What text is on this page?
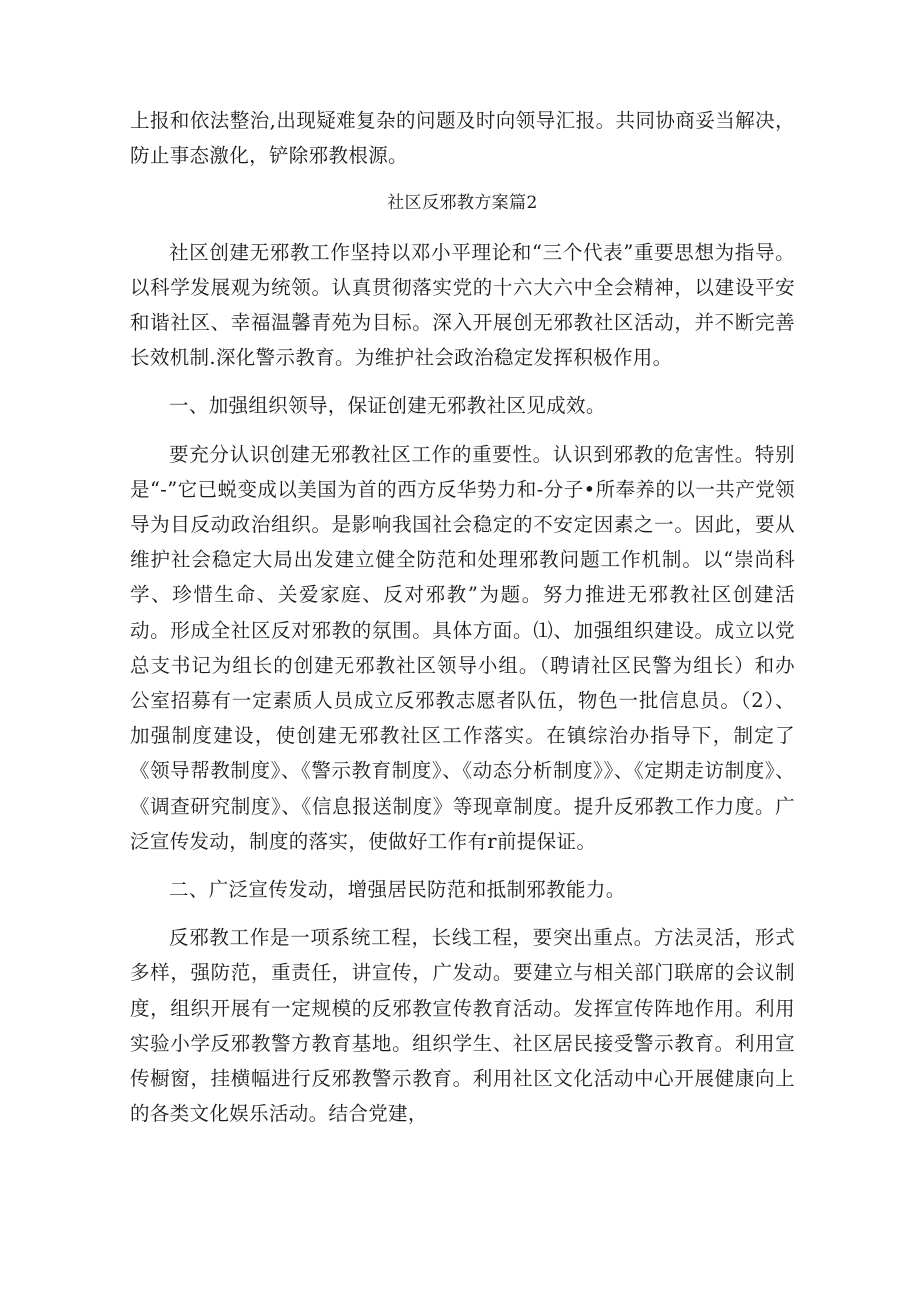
上报和依法整治,出现疑难复杂的问题及时向领导汇报。共同协商妥当解决，防止事态激化，铲除邪教根源。

社区反邪教方案篇2

社区创建无邪教工作坚持以邓小平理论和“三个代表”重要思想为指导。以科学发展观为统领。认真贯彻落实党的十六大六中全会精神，以建设平安和谐社区、幸福温馨青苑为目标。深入开展创无邪教社区活动，并不断完善长效机制.深化警示教育。为维护社会政治稳定发挥积极作用。

一、加强组织领导，保证创建无邪教社区见成效。

要充分认识创建无邪教社区工作的重要性。认识到邪教的危害性。特别是“-”它已蜕变成以美国为首的西方反华势力和-分子•所奉养的以一共产党领导为目反动政治组织。是影响我国社会稳定的不安定因素之一。因此，要从维护社会稳定大局出发建立健全防范和处理邪教问题工作机制。以“崇尚科学、珍惜生命、关爱家庭、反对邪教”为题。努力推进无邪教社区创建活动。形成全社区反对邪教的氛围。具体方面。⑴、加强组织建设。成立以党总支书记为组长的创建无邪教社区领导小组。（聘请社区民警为组长）和办公室招募有一定素质人员成立反邪教志愿者队伍，物色一批信息员。（2）、加强制度建设，使创建无邪教社区工作落实。在镇综治办指导下，制定了《领导帮教制度》、《警示教育制度》、《动态分析制度》》、《定期走访制度》、《调查研究制度》、《信息报送制度》等现章制度。提升反邪教工作力度。广泛宣传发动，制度的落实，使做好工作有r前提保证。

二、广泛宣传发动，增强居民防范和抵制邪教能力。

反邪教工作是一项系统工程，长线工程，要突出重点。方法灵活，形式多样，强防范，重责任，讲宣传，广发动。要建立与相关部门联席的会议制度，组织开展有一定规模的反邪教宣传教育活动。发挥宣传阵地作用。利用实验小学反邪教警方教育基地。组织学生、社区居民接受警示教育。利用宣传橱窗，挂横幅进行反邪教警示教育。利用社区文化活动中心开展健康向上的各类文化娱乐活动。结合党建，
